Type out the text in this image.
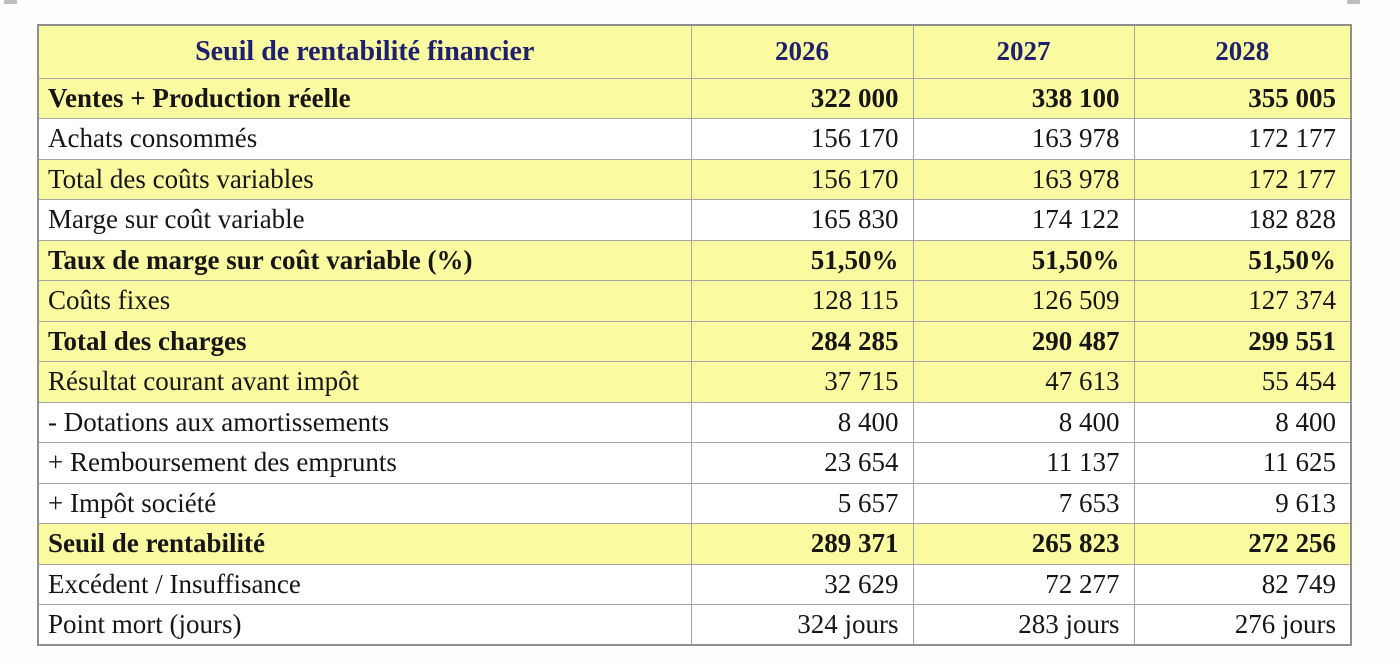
Seuil de rentabilité financier	2026	2027	2028
Ventes + Production réelle	322 000	338 100	355 005
Achats consommés	156 170	163 978	172 177
Total des coûts variables	156 170	163 978	172 177
Marge sur coût variable	165 830	174 122	182 828
Taux de marge sur coût variable (%)	51,50%	51,50%	51,50%
Coûts fixes	128 115	126 509	127 374
Total des charges	284 285	290 487	299 551
Résultat courant avant impôt	37 715	47 613	55 454
- Dotations aux amortissements	8 400	8 400	8 400
+ Remboursement des emprunts	23 654	11 137	11 625
+ Impôt société	5 657	7 653	9 613
Seuil de rentabilité	289 371	265 823	272 256
Excédent / Insuffisance	32 629	72 277	82 749
Point mort (jours)	324 jours	283 jours	276 jours
